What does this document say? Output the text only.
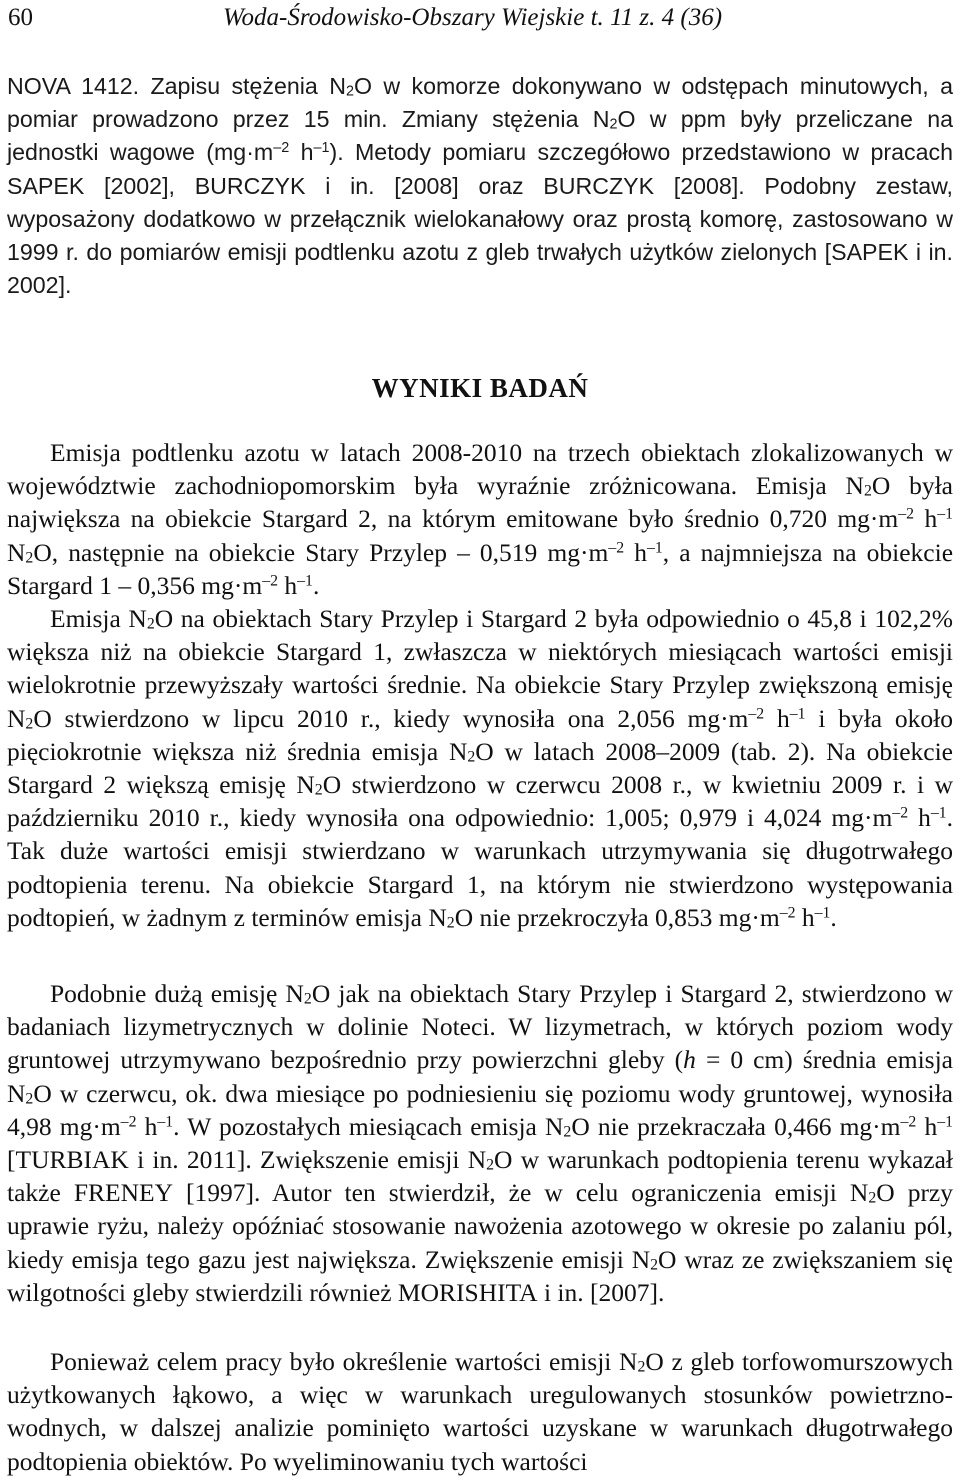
60	Woda-Środowisko-Obszary Wiejskie t. 11 z. 4 (36)

NOVA 1412. Zapisu stężenia $N_2O$ w komorze dokonywano w odstępach minutowych, a pomiar prowadzono przez 15 min. Zmiany stężenia $N_2O$ w ppm były przeliczane na jednostki wagowe ($mg\cdot m^{-2}$ $h^{-1}$). Metody pomiaru szczegółowo przedstawiono w pracach SAPEK [2002], BURCZYK i in. [2008] oraz BURCZYK [2008]. Podobny zestaw, wyposażony dodatkowo w przełącznik wielokanałowy oraz prostą komorę, zastosowano w 1999 r. do pomiarów emisji podtlenku azotu z gleb trwałych użytków zielonych [SAPEK i in. 2002].

WYNIKI BADAŃ

Emisja podtlenku azotu w latach 2008-2010 na trzech obiektach zlokalizowanych w województwie zachodniopomorskim była wyraźnie zróżnicowana. Emisja $N_2O$ była największa na obiekcie Stargard 2, na którym emitowane było średnio 0,720 $mg\cdot m^{-2}$ $h^{-1}$ $N_2O$, następnie na obiekcie Stary Przylep – 0,519 $mg\cdot m^{-2}$ $h^{-1}$, a najmniejsza na obiekcie Stargard 1 – 0,356 $mg\cdot m^{-2}$ $h^{-1}$.

Emisja $N_2O$ na obiektach Stary Przylep i Stargard 2 była odpowiednio o 45,8 i 102,2% większa niż na obiekcie Stargard 1, zwłaszcza w niektórych miesiącach wartości emisji wielokrotnie przewyższały wartości średnie. Na obiekcie Stary Przylep zwiększoną emisję $N_2O$ stwierdzono w lipcu 2010 r., kiedy wynosiła ona 2,056 $mg\cdot m^{-2}$ $h^{-1}$ i była około pięciokrotnie większa niż średnia emisja $N_2O$ w latach 2008–2009 (tab. 2). Na obiekcie Stargard 2 większą emisję $N_2O$ stwierdzono w czerwcu 2008 r., w kwietniu 2009 r. i w październiku 2010 r., kiedy wynosiła ona odpowiednio: 1,005; 0,979 i 4,024 $mg\cdot m^{-2}$ $h^{-1}$. Tak duże wartości emisji stwierdzano w warunkach utrzymywania się długotrwałego podtopienia terenu. Na obiekcie Stargard 1, na którym nie stwierdzono występowania podtopień, w żadnym z terminów emisja $N_2O$ nie przekroczyła 0,853 $mg\cdot m^{-2}$ $h^{-1}$.

Podobnie dużą emisję $N_2O$ jak na obiektach Stary Przylep i Stargard 2, stwierdzono w badaniach lizymetrycznych w dolinie Noteci. W lizymetrach, w których poziom wody gruntowej utrzymywano bezpośrednio przy powierzchni gleby (h = 0 cm) średnia emisja $N_2O$ w czerwcu, ok. dwa miesiące po podniesieniu się poziomu wody gruntowej, wynosiła 4,98 $mg\cdot m^{-2}$ $h^{-1}$. W pozostałych miesiącach emisja $N_2O$ nie przekraczała 0,466 $mg\cdot m^{-2}$ $h^{-1}$ [TURBIAK i in. 2011]. Zwiększenie emisji $N_2O$ w warunkach podtopienia terenu wykazał także FRENEY [1997]. Autor ten stwierdził, że w celu ograniczenia emisji $N_2O$ przy uprawie ryżu, należy opóźniać stosowanie nawożenia azotowego w okresie po zalaniu pól, kiedy emisja tego gazu jest największa. Zwiększenie emisji $N_2O$ wraz ze zwiększaniem się wilgotności gleby stwierdzili również MORISHITA i in. [2007].

Ponieważ celem pracy było określenie wartości emisji $N_2O$ z gleb torfowomurszowych użytkowanych łąkowo, a więc w warunkach uregulowanych stosunków powietrzno-wodnych, w dalszej analizie pominięto wartości uzyskane w warunkach długotrwałego podtopienia obiektów. Po wyeliminowaniu tych wartości
